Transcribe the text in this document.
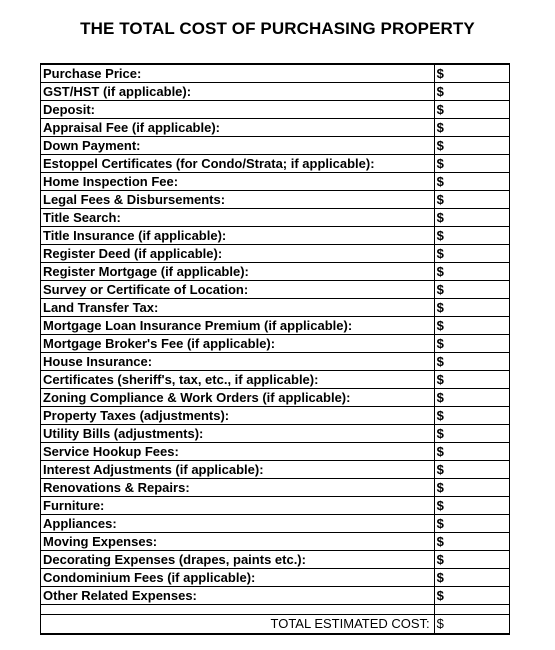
THE TOTAL COST OF PURCHASING PROPERTY
Purchase Price:	$
GST/HST (if applicable):	$
Deposit:	$
Appraisal Fee (if applicable):	$
Down Payment:	$
Estoppel Certificates (for Condo/Strata; if applicable):	$
Home Inspection Fee:	$
Legal Fees & Disbursements:	$
Title Search:	$
Title Insurance (if applicable):	$
Register Deed (if applicable):	$
Register Mortgage (if applicable):	$
Survey or Certificate of Location:	$
Land Transfer Tax:	$
Mortgage Loan Insurance Premium (if applicable):	$
Mortgage Broker's Fee (if applicable):	$
House Insurance:	$
Certificates (sheriff's, tax, etc., if applicable):	$
Zoning Compliance & Work Orders (if applicable):	$
Property Taxes (adjustments):	$
Utility Bills (adjustments):	$
Service Hookup Fees:	$
Interest Adjustments (if applicable):	$
Renovations & Repairs:	$
Furniture:	$
Appliances:	$
Moving Expenses:	$
Decorating Expenses (drapes, paints etc.):	$
Condominium Fees (if applicable):	$
Other Related Expenses:	$

TOTAL ESTIMATED COST:	$
